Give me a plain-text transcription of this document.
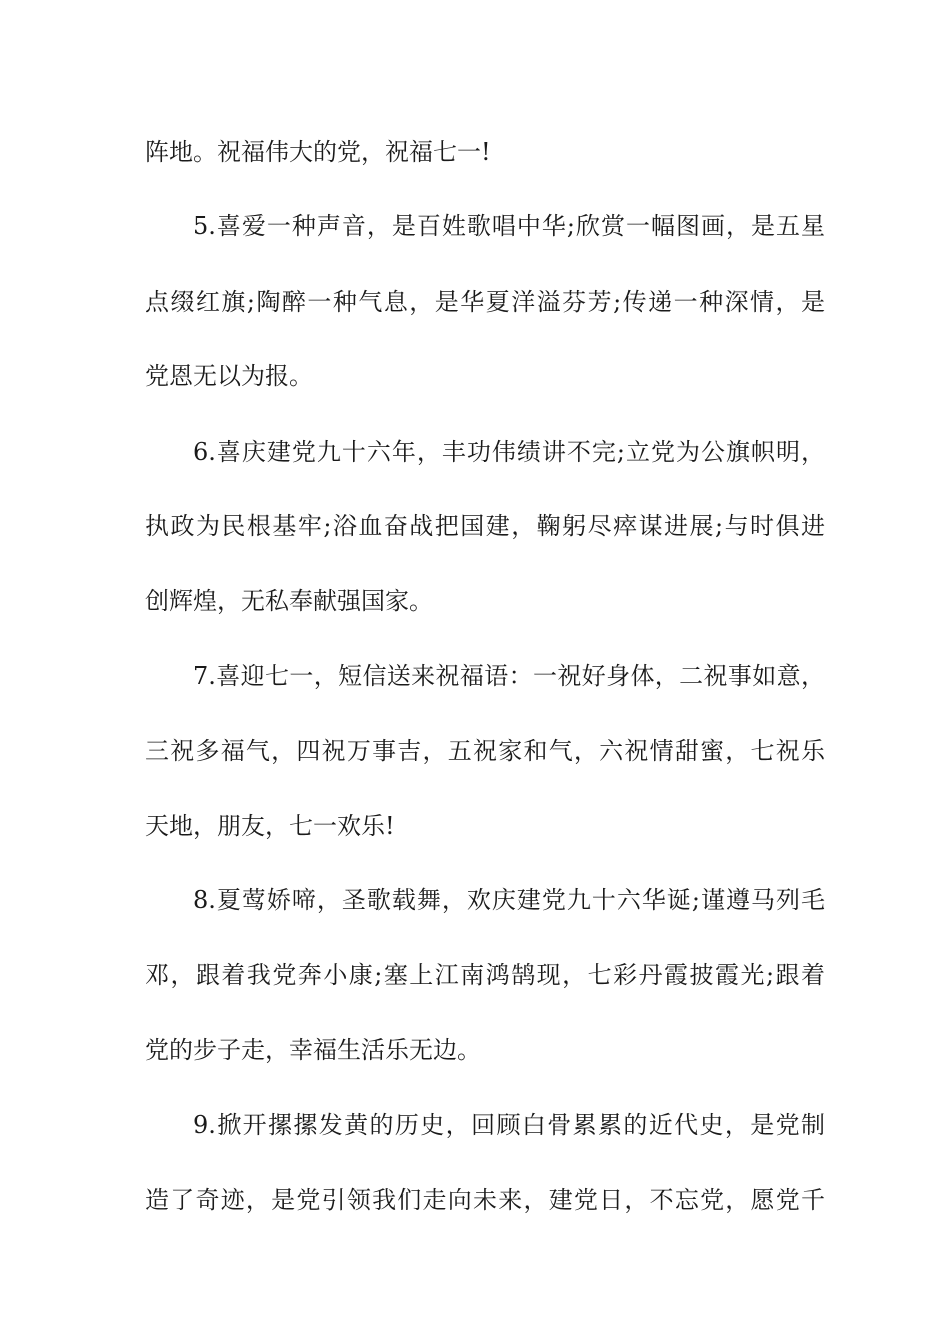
阵地。祝福伟大的党，祝福七一!
5.喜爱一种声音，是百姓歌唱中华;欣赏一幅图画，是五星
点缀红旗;陶醉一种气息，是华夏洋溢芬芳;传递一种深情，是
党恩无以为报。
6.喜庆建党九十六年，丰功伟绩讲不完;立党为公旗帜明，
执政为民根基牢;浴血奋战把国建，鞠躬尽瘁谋进展;与时俱进
创辉煌，无私奉献强国家。
7.喜迎七一，短信送来祝福语：一祝好身体，二祝事如意，
三祝多福气，四祝万事吉，五祝家和气，六祝情甜蜜，七祝乐
天地，朋友，七一欢乐!
8.夏莺娇啼，圣歌载舞，欢庆建党九十六华诞;谨遵马列毛
邓，跟着我党奔小康;塞上江南鸿鹄现，七彩丹霞披霞光;跟着
党的步子走，幸福生活乐无边。
9.掀开摞摞发黄的历史，回顾白骨累累的近代史，是党制
造了奇迹，是党引领我们走向未来，建党日，不忘党，愿党千
